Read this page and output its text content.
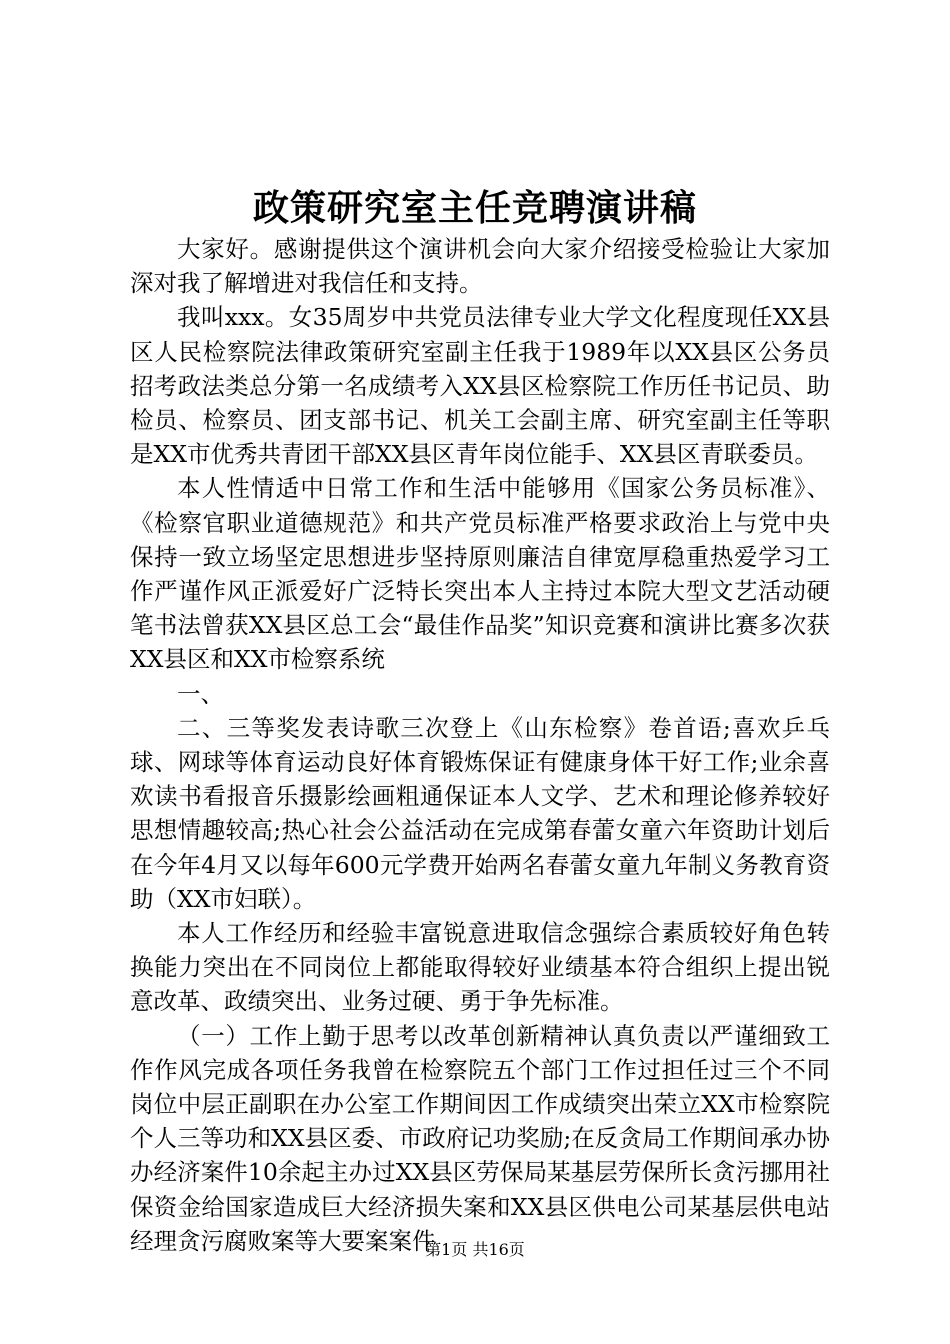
政策研究室主任竞聘演讲稿

大家好。感谢提供这个演讲机会向大家介绍接受检验让大家加深对我了解增进对我信任和支持。

我叫xxx。女35周岁中共党员法律专业大学文化程度现任XX县区人民检察院法律政策研究室副主任我于1989年以XX县区公务员招考政法类总分第一名成绩考入XX县区检察院工作历任书记员、助检员、检察员、团支部书记、机关工会副主席、研究室副主任等职是XX市优秀共青团干部XX县区青年岗位能手、XX县区青联委员。

本人性情适中日常工作和生活中能够用《国家公务员标准》、《检察官职业道德规范》和共产党员标准严格要求政治上与党中央保持一致立场坚定思想进步坚持原则廉洁自律宽厚稳重热爱学习工作严谨作风正派爱好广泛特长突出本人主持过本院大型文艺活动硬笔书法曾获XX县区总工会“最佳作品奖”知识竞赛和演讲比赛多次获XX县区和XX市检察系统

一、

二、三等奖发表诗歌三次登上《山东检察》卷首语;喜欢乒乓球、网球等体育运动良好体育锻炼保证有健康身体干好工作;业余喜欢读书看报音乐摄影绘画粗通保证本人文学、艺术和理论修养较好思想情趣较高;热心社会公益活动在完成第春蕾女童六年资助计划后在今年4月又以每年600元学费开始两名春蕾女童九年制义务教育资助（XX市妇联）。

本人工作经历和经验丰富锐意进取信念强综合素质较好角色转换能力突出在不同岗位上都能取得较好业绩基本符合组织上提出锐意改革、政绩突出、业务过硬、勇于争先标准。

（一）工作上勤于思考以改革创新精神认真负责以严谨细致工作作风完成各项任务我曾在检察院五个部门工作过担任过三个不同岗位中层正副职在办公室工作期间因工作成绩突出荣立XX市检察院个人三等功和XX县区委、市政府记功奖励;在反贪局工作期间承办协办经济案件10余起主办过XX县区劳保局某基层劳保所长贪污挪用社保资金给国家造成巨大经济损失案和XX县区供电公司某基层供电站经理贪污腐败案等大要案案件

第1页 共16页
